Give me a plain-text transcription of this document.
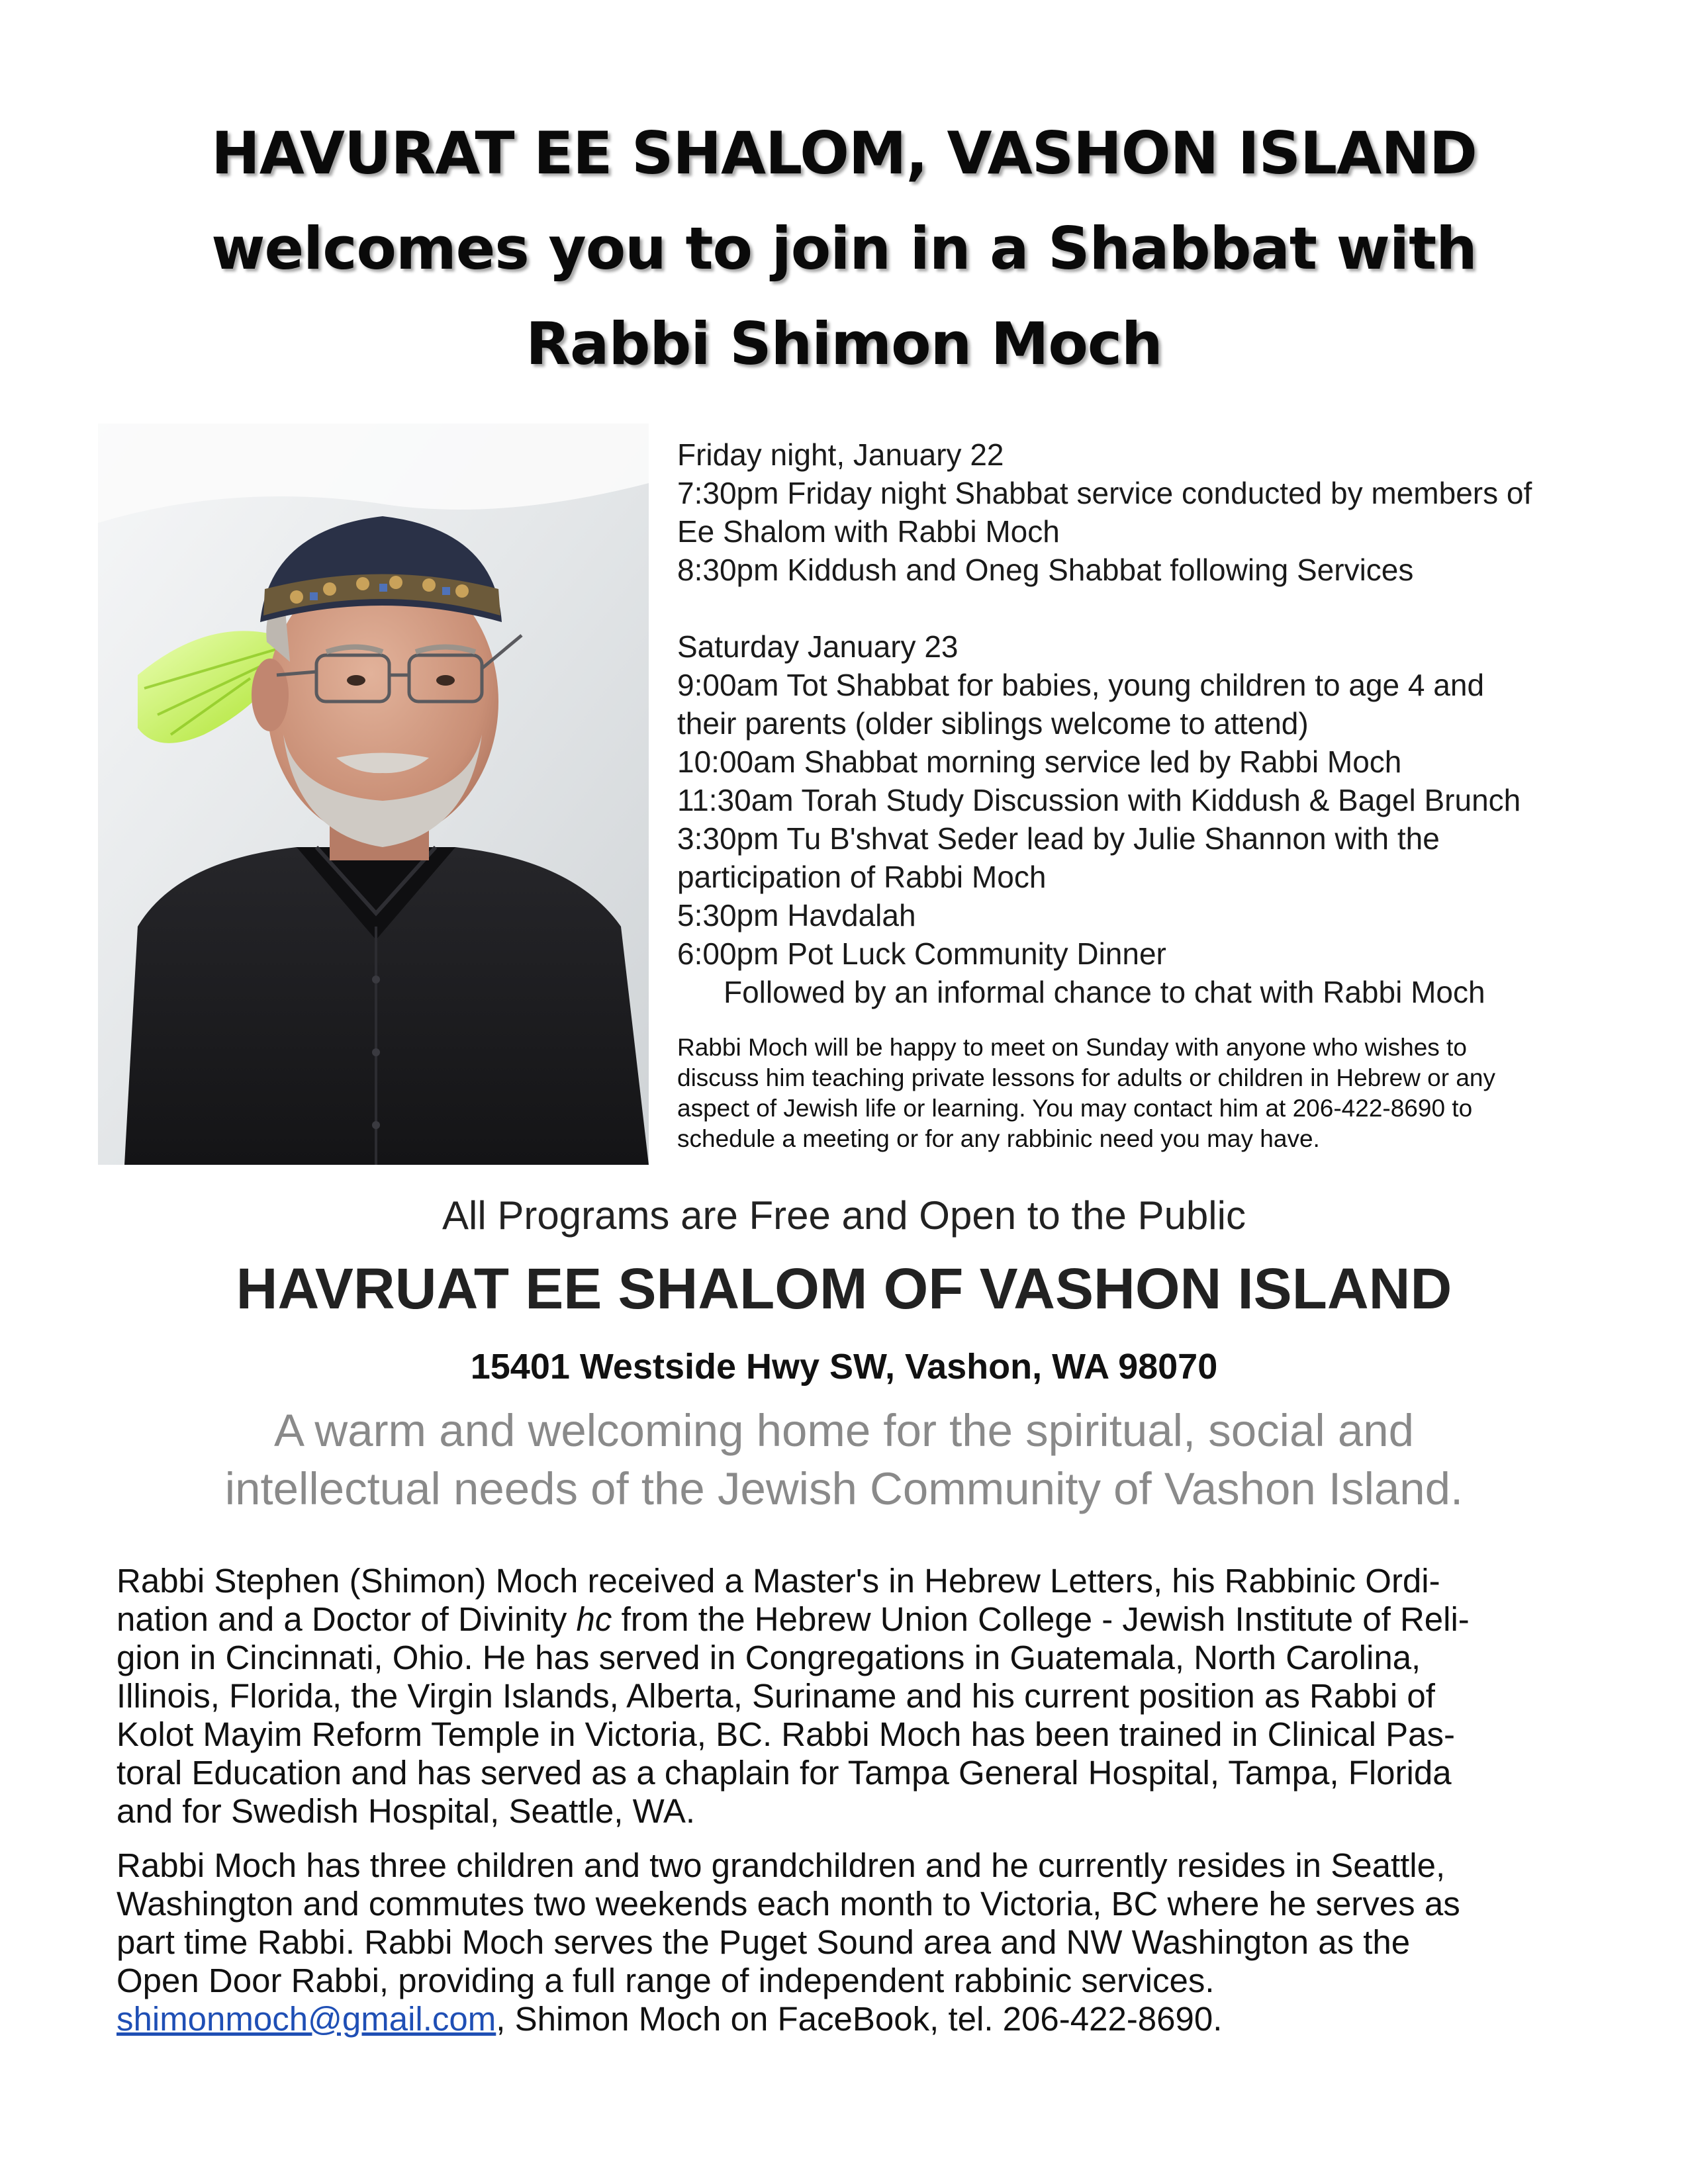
HAVURAT EE SHALOM, VASHON ISLAND
welcomes you to join in a Shabbat with
Rabbi Shimon Moch
Friday night, January 22
7:30pm Friday night Shabbat service conducted by members of
Ee Shalom with Rabbi Moch
8:30pm Kiddush and Oneg Shabbat following Services
Saturday January 23
9:00am Tot Shabbat for babies, young children to age 4 and
their parents (older siblings welcome to attend)
10:00am Shabbat morning service led by Rabbi Moch
11:30am Torah Study Discussion with Kiddush & Bagel Brunch
3:30pm Tu B'shvat Seder lead by Julie Shannon with the
participation of Rabbi Moch
5:30pm Havdalah
6:00pm Pot Luck Community Dinner
Followed by an informal chance to chat with Rabbi Moch
Rabbi Moch will be happy to meet on Sunday with anyone who wishes to
discuss him teaching private lessons for adults or children in Hebrew or any
aspect of Jewish life or learning. You may contact him at 206-422-8690 to
schedule a meeting or for any rabbinic need you may have.
All Programs are Free and Open to the Public
HAVRUAT EE SHALOM OF VASHON ISLAND
15401 Westside Hwy SW, Vashon, WA 98070
A warm and welcoming home for the spiritual, social and
intellectual needs of the Jewish Community of Vashon Island.
Rabbi Stephen (Shimon) Moch received a Master's in Hebrew Letters, his Rabbinic Ordi-
nation and a Doctor of Divinity hc from the Hebrew Union College - Jewish Institute of Reli-
gion in Cincinnati, Ohio. He has served in Congregations in Guatemala, North Carolina,
Illinois, Florida, the Virgin Islands, Alberta, Suriname and his current position as Rabbi of
Kolot Mayim Reform Temple in Victoria, BC. Rabbi Moch has been trained in Clinical Pas-
toral Education and has served as a chaplain for Tampa General Hospital, Tampa, Florida
and for Swedish Hospital, Seattle, WA.
Rabbi Moch has three children and two grandchildren and he currently resides in Seattle,
Washington and commutes two weekends each month to Victoria, BC where he serves as
part time Rabbi. Rabbi Moch serves the Puget Sound area and NW Washington as the
Open Door Rabbi, providing a full range of independent rabbinic services.
shimonmoch@gmail.com, Shimon Moch on FaceBook, tel. 206-422-8690.
